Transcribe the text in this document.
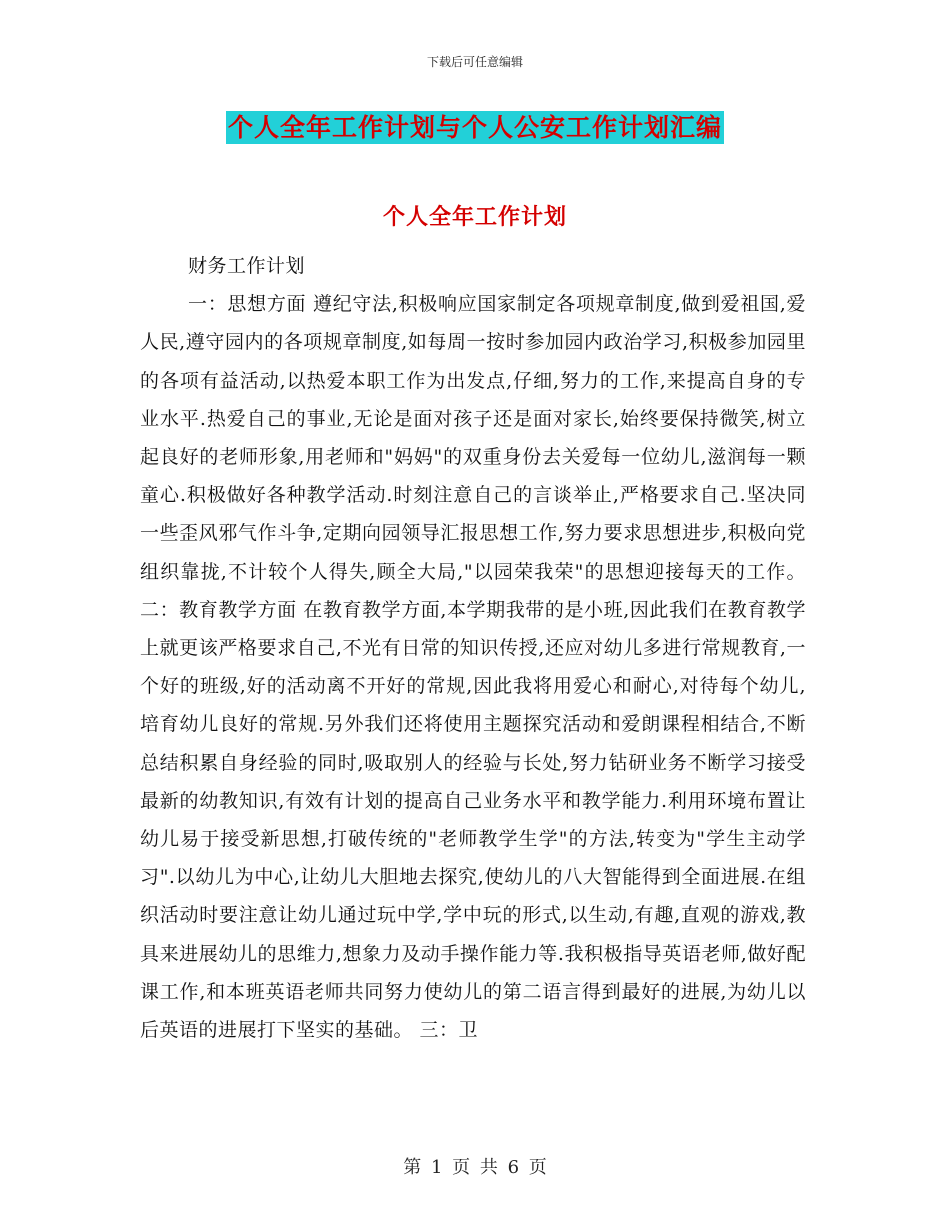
下载后可任意编辑
个人全年工作计划与个人公安工作计划汇编
个人全年工作计划

财务工作计划

一：思想方面 遵纪守法,积极响应国家制定各项规章制度,做到爱祖国,爱人民,遵守园内的各项规章制度,如每周一按时参加园内政治学习,积极参加园里的各项有益活动,以热爱本职工作为出发点,仔细,努力的工作,来提高自身的专业水平.热爱自己的事业,无论是面对孩子还是面对家长,始终要保持微笑,树立起良好的老师形象,用老师和"妈妈"的双重身份去关爱每一位幼儿,滋润每一颗童心.积极做好各种教学活动.时刻注意自己的言谈举止,严格要求自己.坚决同一些歪风邪气作斗争,定期向园领导汇报思想工作,努力要求思想进步,积极向党组织靠拢,不计较个人得失,顾全大局,"以园荣我荣"的思想迎接每天的工作。二：教育教学方面 在教育教学方面,本学期我带的是小班,因此我们在教育教学上就更该严格要求自己,不光有日常的知识传授,还应对幼儿多进行常规教育,一个好的班级,好的活动离不开好的常规,因此我将用爱心和耐心,对待每个幼儿,培育幼儿良好的常规.另外我们还将使用主题探究活动和爱朗课程相结合,不断总结积累自身经验的同时,吸取别人的经验与长处,努力钻研业务不断学习接受最新的幼教知识,有效有计划的提高自己业务水平和教学能力.利用环境布置让幼儿易于接受新思想,打破传统的"老师教学生学"的方法,转变为"学生主动学习".以幼儿为中心,让幼儿大胆地去探究,使幼儿的八大智能得到全面进展.在组织活动时要注意让幼儿通过玩中学,学中玩的形式,以生动,有趣,直观的游戏,教具来进展幼儿的思维力,想象力及动手操作能力等.我积极指导英语老师,做好配课工作,和本班英语老师共同努力使幼儿的第二语言得到最好的进展,为幼儿以后英语的进展打下坚实的基础。 三：卫

第 1 页 共 6 页
